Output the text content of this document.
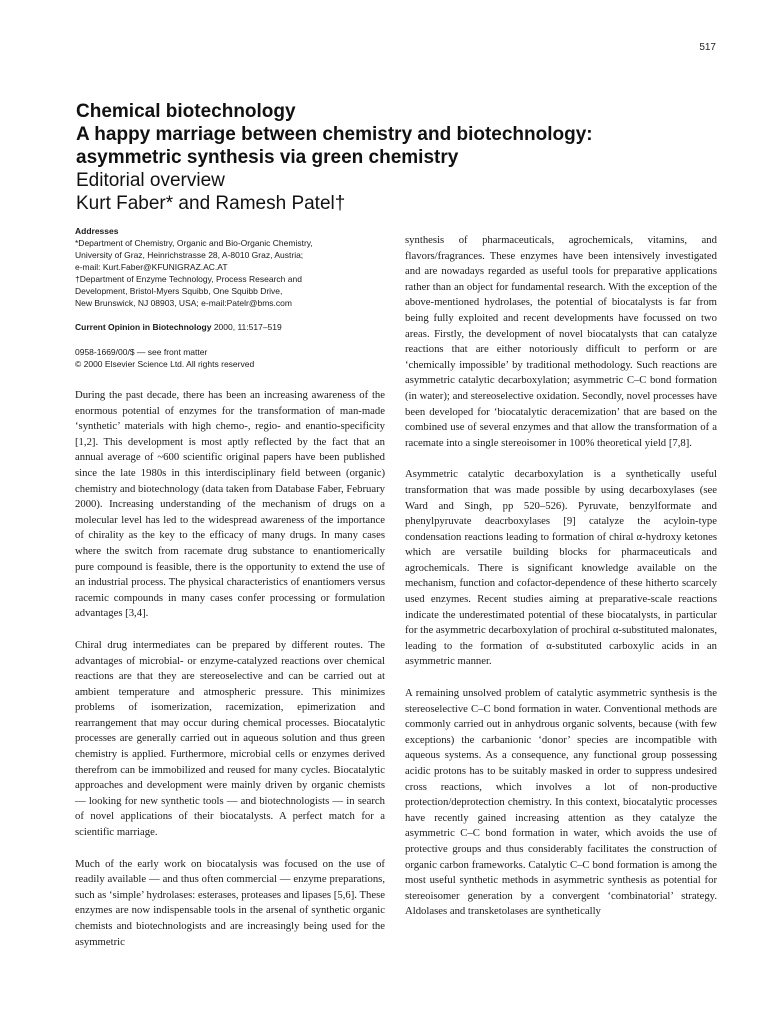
517
Chemical biotechnology
A happy marriage between chemistry and biotechnology:
asymmetric synthesis via green chemistry
Editorial overview
Kurt Faber* and Ramesh Patel†

Addresses

*Department of Chemistry, Organic and Bio-Organic Chemistry,

University of Graz, Heinrichstrasse 28, A-8010 Graz, Austria;

e-mail: Kurt.Faber@KFUNIGRAZ.AC.AT

†Department of Enzyme Technology, Process Research and

Development, Bristol-Myers Squibb, One Squibb Drive,

New Brunswick, NJ 08903, USA; e-mail:Patelr@bms.com

Current Opinion in Biotechnology 2000, 11:517–519

0958-1669/00/$ — see front matter
© 2000 Elsevier Science Ltd. All rights reserved

During the past decade, there has been an increasing awareness of the enormous potential of enzymes for the transformation of man-made ‘synthetic’ materials with high chemo-, regio- and enantio-specificity [1,2]. This development is most aptly reflected by the fact that an annual average of ~600 scientific original papers have been published since the late 1980s in this interdisciplinary field between (organic) chemistry and biotechnology (data taken from Database Faber, February 2000). Increasing understanding of the mechanism of drugs on a molecular level has led to the widespread awareness of the importance of chirality as the key to the efficacy of many drugs. In many cases where the switch from racemate drug substance to enantiomerically pure compound is feasible, there is the opportunity to extend the use of an industrial process. The physical characteristics of enantiomers versus racemic compounds in many cases confer processing or formulation advantages [3,4].

Chiral drug intermediates can be prepared by different routes. The advantages of microbial- or enzyme-catalyzed reactions over chemical reactions are that they are stereoselective and can be carried out at ambient temperature and atmospheric pressure. This minimizes problems of isomerization, racemization, epimerization and rearrangement that may occur during chemical processes. Biocatalytic processes are generally carried out in aqueous solution and thus green chemistry is applied. Furthermore, microbial cells or enzymes derived therefrom can be immobilized and reused for many cycles. Biocatalytic approaches and development were mainly driven by organic chemists — looking for new synthetic tools — and biotechnologists — in search of novel applications of their biocatalysts. A perfect match for a scientific marriage.

Much of the early work on biocatalysis was focused on the use of readily available — and thus often commercial — enzyme preparations, such as ‘simple’ hydrolases: esterases, proteases and lipases [5,6]. These enzymes are now indispensable tools in the arsenal of synthetic organic chemists and biotechnologists and are increasingly being used for the asymmetric

synthesis of pharmaceuticals, agrochemicals, vitamins, and flavors/fragrances. These enzymes have been intensively investigated and are nowadays regarded as useful tools for preparative applications rather than an object for fundamental research. With the exception of the above-mentioned hydrolases, the potential of biocatalysts is far from being fully exploited and recent developments have focussed on two areas. Firstly, the development of novel biocatalysts that can catalyze reactions that are either notoriously difficult to perform or are ‘chemically impossible’ by traditional methodology. Such reactions are asymmetric catalytic decarboxylation; asymmetric C–C bond formation (in water); and stereoselective oxidation. Secondly, novel processes have been developed for ‘biocatalytic deracemization’ that are based on the combined use of several enzymes and that allow the transformation of a racemate into a single stereoisomer in 100% theoretical yield [7,8].

Asymmetric catalytic decarboxylation is a synthetically useful transformation that was made possible by using decarboxylases (see Ward and Singh, pp 520–526). Pyruvate, benzylformate and phenylpyruvate deacrboxylases [9] catalyze the acyloin-type condensation reactions leading to formation of chiral α-hydroxy ketones which are versatile building blocks for pharmaceuticals and agrochemicals. There is significant knowledge available on the mechanism, function and cofactor-dependence of these hitherto scarcely used enzymes. Recent studies aiming at preparative-scale reactions indicate the underestimated potential of these biocatalysts, in particular for the asymmetric decarboxylation of prochiral α-substituted malonates, leading to the formation of α-substituted carboxylic acids in an asymmetric manner.

A remaining unsolved problem of catalytic asymmetric synthesis is the stereoselective C–C bond formation in water. Conventional methods are commonly carried out in anhydrous organic solvents, because (with few exceptions) the carbanionic ‘donor’ species are incompatible with aqueous systems. As a consequence, any functional group possessing acidic protons has to be suitably masked in order to suppress undesired cross reactions, which involves a lot of non-productive protection/deprotection chemistry. In this context, biocatalytic processes have recently gained increasing attention as they catalyze the asymmetric C–C bond formation in water, which avoids the use of protective groups and thus considerably facilitates the construction of organic carbon frameworks. Catalytic C–C bond formation is among the most useful synthetic methods in asymmetric synthesis as potential for stereoisomer generation by a convergent ‘combinatorial’ strategy. Aldolases and transketolases are synthetically
